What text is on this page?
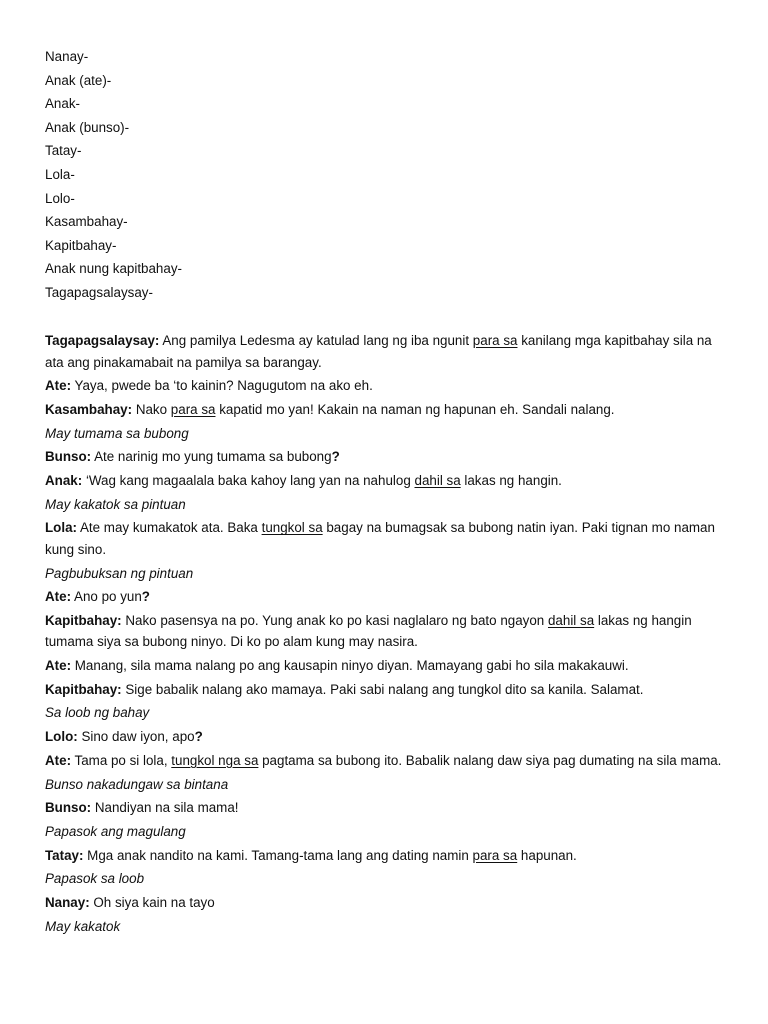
Nanay-
Anak (ate)-
Anak-
Anak (bunso)-
Tatay-
Lola-
Lolo-
Kasambahay-
Kapitbahay-
Anak nung kapitbahay-
Tagapagsalaysay-
Tagapagsalaysay: Ang pamilya Ledesma ay katulad lang ng iba ngunit para sa kanilang mga kapitbahay sila na ata ang pinakamabait na pamilya sa barangay.
Ate: Yaya, pwede ba ‘to kainin? Nagugutom na ako eh.
Kasambahay: Nako para sa kapatid mo yan! Kakain na naman ng hapunan eh. Sandali nalang.
May tumama sa bubong
Bunso: Ate narinig mo yung tumama sa bubong?
Anak: ‘Wag kang magaalala baka kahoy lang yan na nahulog dahil sa lakas ng hangin.
May kakatok sa pintuan
Lola: Ate may kumakatok ata. Baka tungkol sa bagay na bumagsak sa bubong natin iyan. Paki tignan mo naman kung sino.
Pagbubuksan ng pintuan
Ate: Ano po yun?
Kapitbahay: Nako pasensya na po. Yung anak ko po kasi naglalaro ng bato ngayon dahil sa lakas ng hangin tumama siya sa bubong ninyo. Di ko po alam kung may nasira.
Ate: Manang, sila mama nalang po ang kausapin ninyo diyan. Mamayang gabi ho sila makakauwi.
Kapitbahay: Sige babalik nalang ako mamaya. Paki sabi nalang ang tungkol dito sa kanila. Salamat.
Sa loob ng bahay
Lolo: Sino daw iyon, apo?
Ate: Tama po si lola, tungkol nga sa pagtama sa bubong ito. Babalik nalang daw siya pag dumating na sila mama.
Bunso nakadungaw sa bintana
Bunso: Nandiyan na sila mama!
Papasok ang magulang
Tatay: Mga anak nandito na kami. Tamang-tama lang ang dating namin para sa hapunan.
Papasok sa loob
Nanay: Oh siya kain na tayo
May kakatok
